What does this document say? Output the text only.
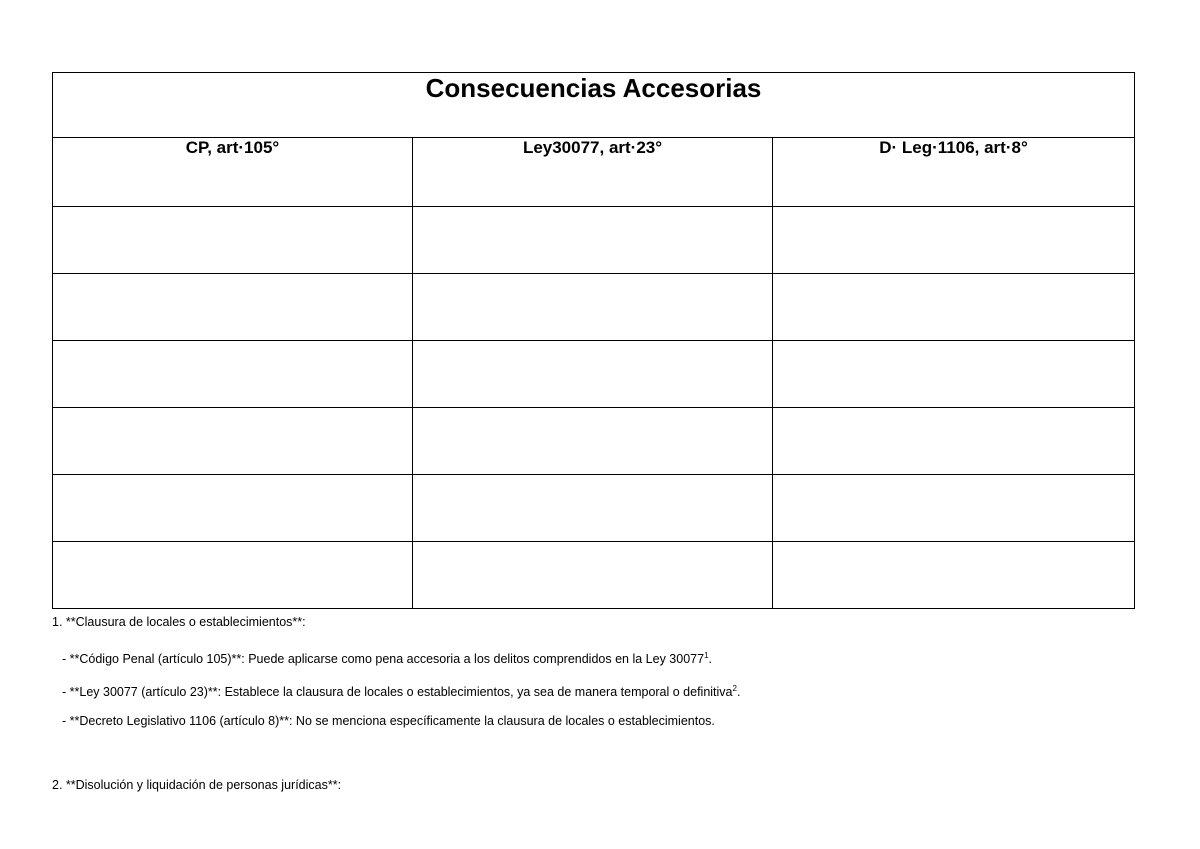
Consecuencias Accesorias		
CP, art·105°	Ley30077, art·23°	D· Leg·1106, art·8°

1. **Clausura de locales o establecimientos**:
- **Código Penal (artículo 105)**: Puede aplicarse como pena accesoria a los delitos comprendidos en la Ley 30077$^1$.
- **Ley 30077 (artículo 23)**: Establece la clausura de locales o establecimientos, ya sea de manera temporal o definitiva$^2$.
- **Decreto Legislativo 1106 (artículo 8)**: No se menciona específicamente la clausura de locales o establecimientos.
2. **Disolución y liquidación de personas jurídicas**:
